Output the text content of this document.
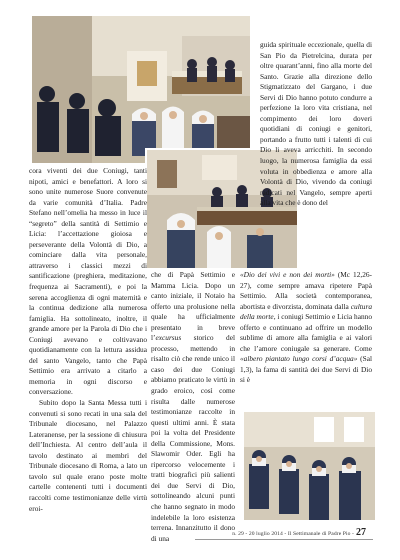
cora viventi dei due Coniugi, tanti nipoti, amici e benefattori. A loro si sono unite numerose Suore convenute da varie comunità d’Italia. Padre Stefano nell’omelia ha messo in luce il “segreto” della santità di Settimio e Licia: l’accettazione gioiosa e perseverante della Volontà di Dio, a cominciare dalla vita personale, attraverso i classici mezzi di santificazione (preghiera, meditazione, frequenza ai Sacramenti), e poi la serena accoglienza di ogni maternità e la continua dedizione alla numerosa famiglia. Ha sottolineato, inoltre, il grande amore per la Parola di Dio che i Coniugi avevano e coltivavano quotidianamente con la lettura assidua del santo Vangelo, tanto che Papà Settimio era arrivato a citarlo a memoria in ogni discorso e conversazione.

Subito dopo la Santa Messa tutti i convenuti si sono recati in una sala del Tribunale diocesano, nel Palazzo Lateranense, per la sessione di chiusura dell’Inchiesta. Al centro dell’aula il tavolo destinato ai membri del Tribunale diocesano di Roma, a lato un tavolo sul quale erano poste molte cartelle contenenti tutti i documenti raccolti come testimonianze delle virtù eroi-

guida spirituale eccezionale, quella di San Pio da Pietrelcina, durata per oltre quarant’anni, fino alla morte del Santo. Grazie alla direzione dello Stigmatizzato del Gargano, i due Servi di Dio hanno potuto condurre a perfezione la loro vita cristiana, nel compimento dei loro doveri quotidiani di coniugi e genitori, portando a frutto tutti i talenti di cui Dio li aveva arricchiti. In secondo luogo, la numerosa famiglia da essi voluta in obbedienza e amore alla Volontà di Dio, vivendo da coniugi radicati nel Vangelo, sempre aperti alla vita che è dono del

che di Papà Settimio e Mamma Licia. Dopo un canto iniziale, il Notaio ha offerto una prolusione nella quale ha ufficialmente presentato in breve l’excursus storico del processo, mettendo in risalto ciò che rende unico il caso dei due Coniugi abbiamo praticato le virtù in grado eroico, così come risulta dalle numerose testimonianze raccolte in questi ultimi anni. È stata poi la volta del Presidente della Commissione, Mons. Slawomir Oder. Egli ha ripercorso velocemente i tratti biografici più salienti dei due Servi di Dio, sottolineando alcuni punti che hanno segnato in modo indelebile la loro esistenza terrena. Innanzitutto il dono di una

«Dio dei vivi e non dei morti» (Mc 12,26-27), come sempre amava ripetere Papà Settimio. Alla società contemporanea, abortista e divorzista, dominata dalla cultura della morte, i coniugi Settimio e Licia hanno offerto e continuano ad offrire un modello sublime di amore alla famiglia e ai valori che l’amore coniugale sa generare. Come «albero piantato lungo corsi d’acqua» (Sal 1,3), la fama di santità dei due Servi di Dio si è

n. 29 - 20 luglio 2014 - Il Settimanale di Padre Pio - 27
